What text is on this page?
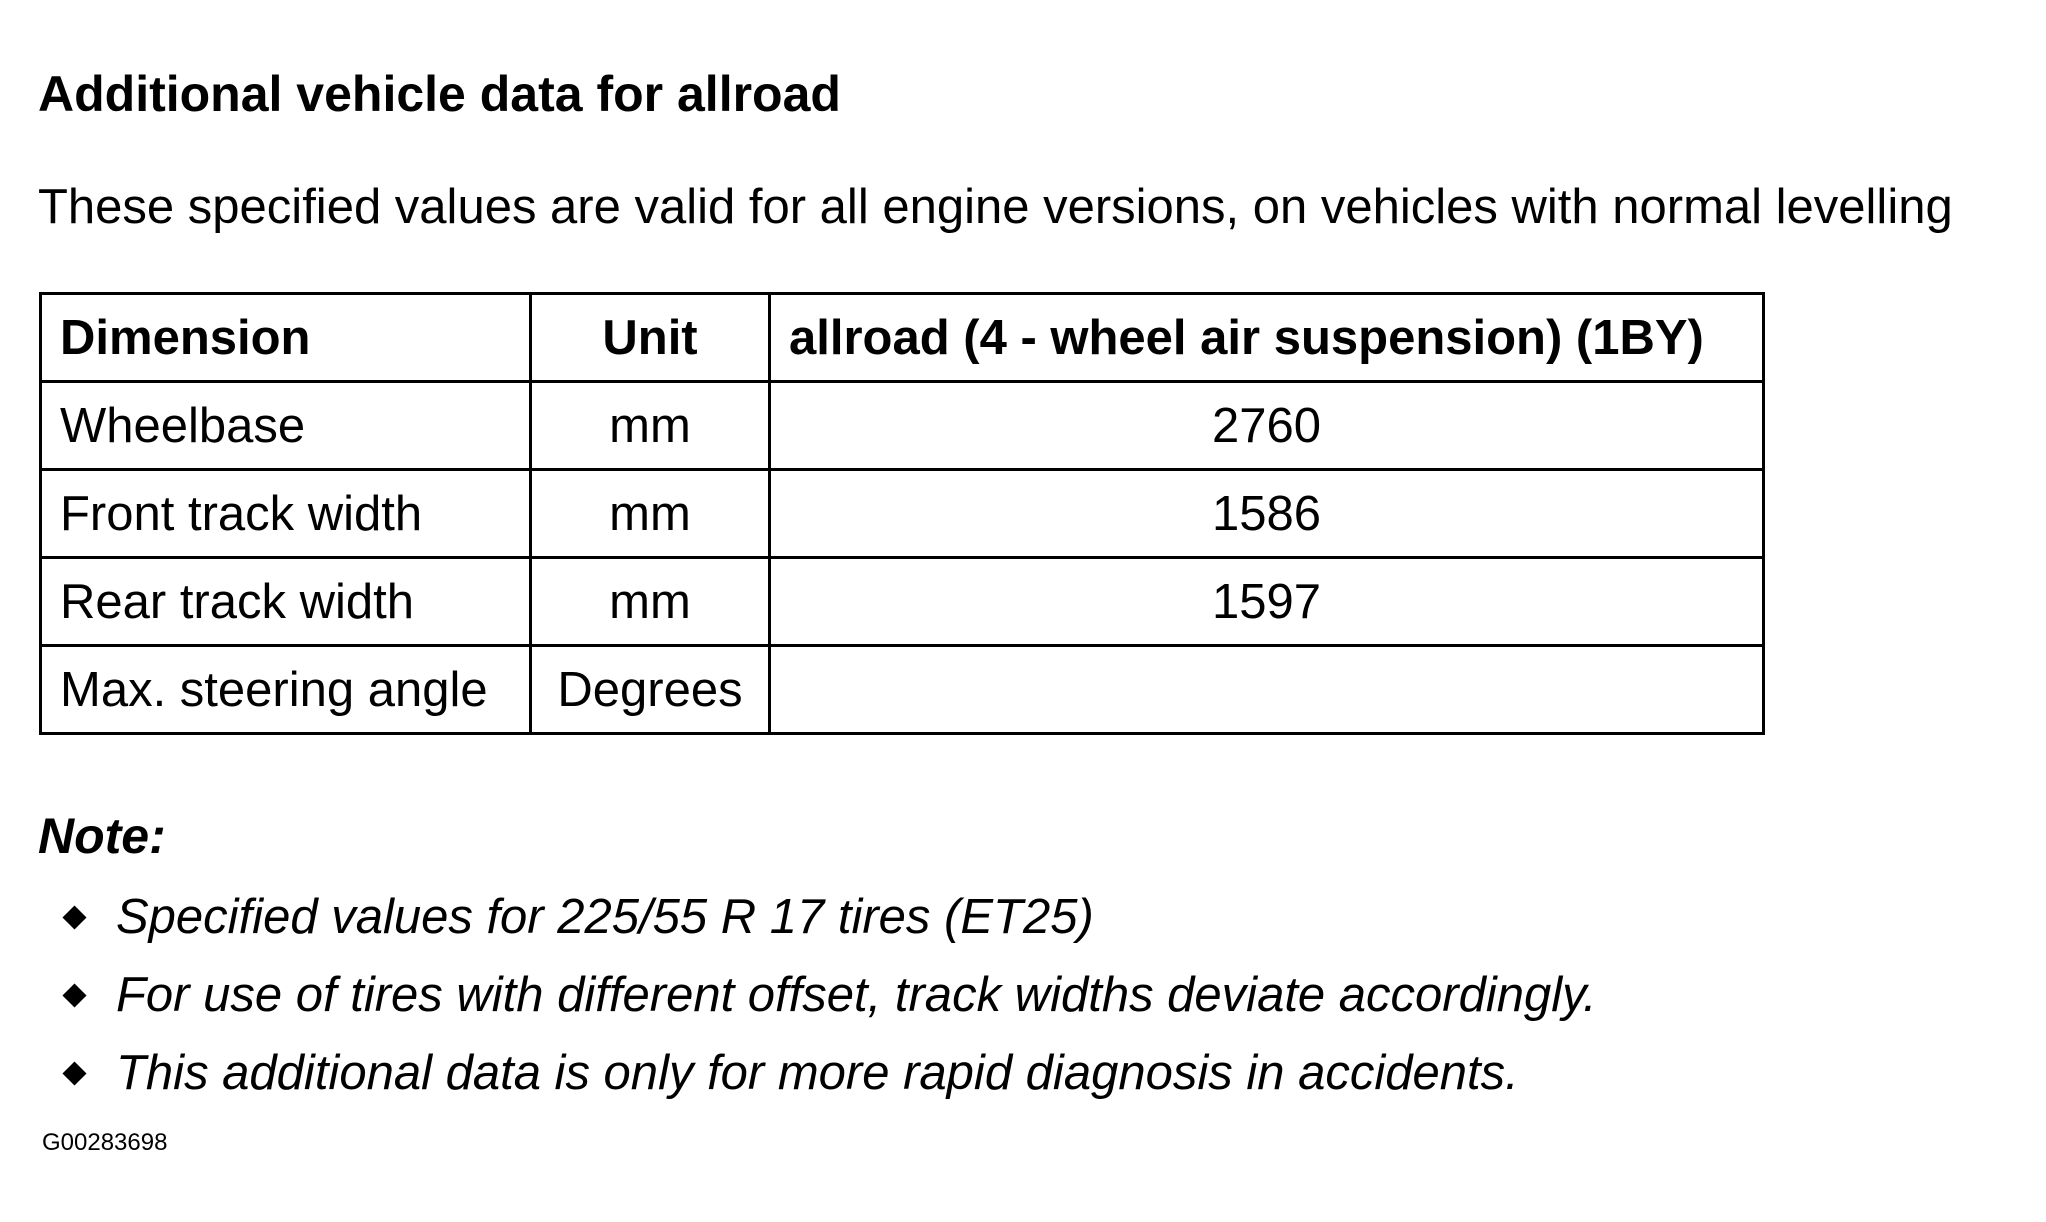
Additional vehicle data for allroad
These specified values are valid for all engine versions, on vehicles with normal levelling
Dimension	Unit	allroad (4 - wheel air suspension) (1BY)
Wheelbase	mm	2760
Front track width	mm	1586
Rear track width	mm	1597
Max. steering angle	Degrees	
Note:
Specified values for 225/55 R 17 tires (ET25)
For use of tires with different offset, track widths deviate accordingly.
This additional data is only for more rapid diagnosis in accidents.
G00283698
